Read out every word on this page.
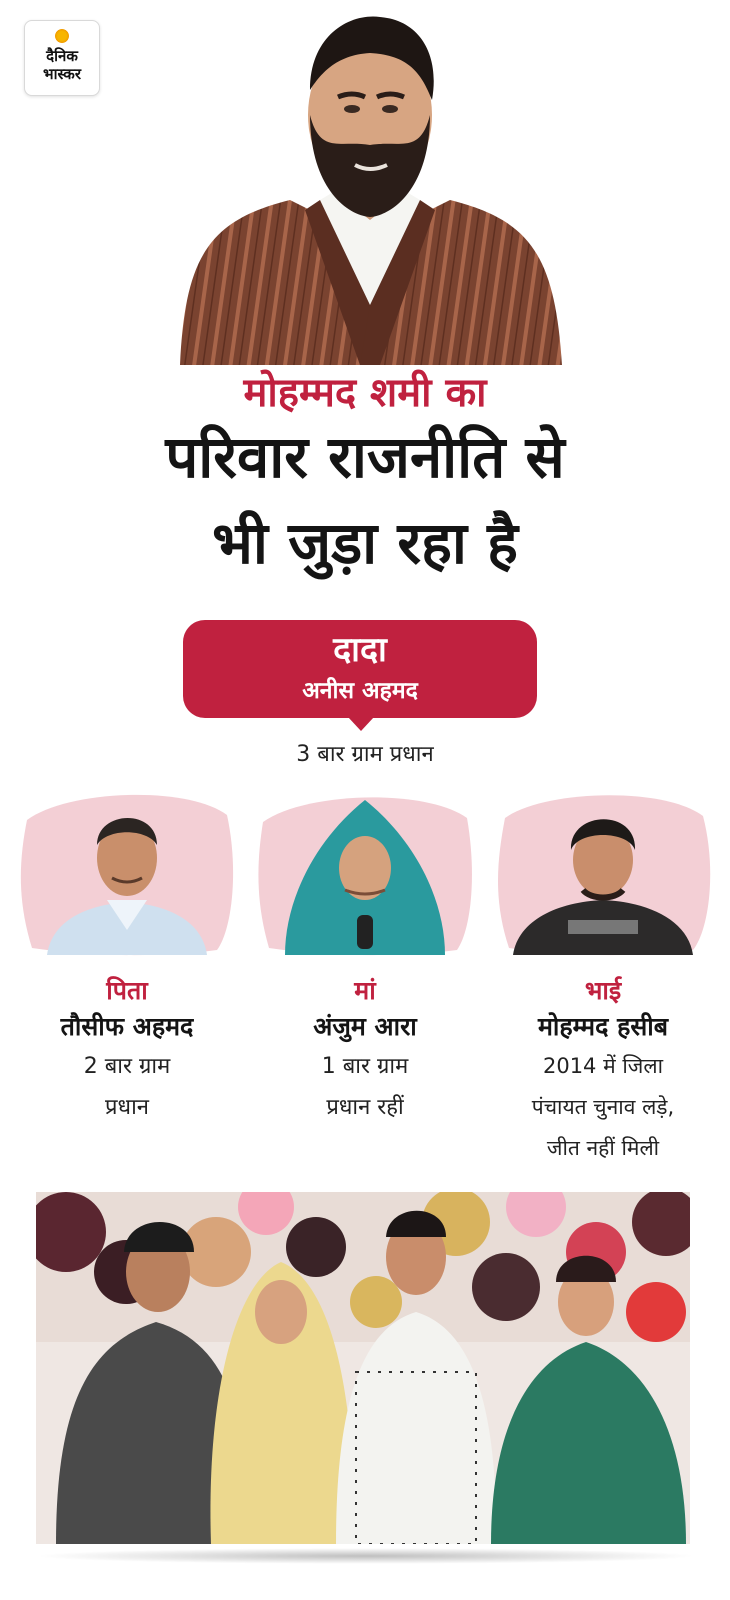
दैनिक
भास्कर
मोहम्मद शमी का
परिवार राजनीति से
भी जुड़ा रहा है
दादा
अनीस अहमद
3 बार ग्राम प्रधान
पिता
तौसीफ अहमद
2 बार ग्राम
प्रधान
मां
अंजुम आरा
1 बार ग्राम
प्रधान रहीं
भाई
मोहम्मद हसीब
2014 में जिला
पंचायत चुनाव लड़े,
जीत नहीं मिली
